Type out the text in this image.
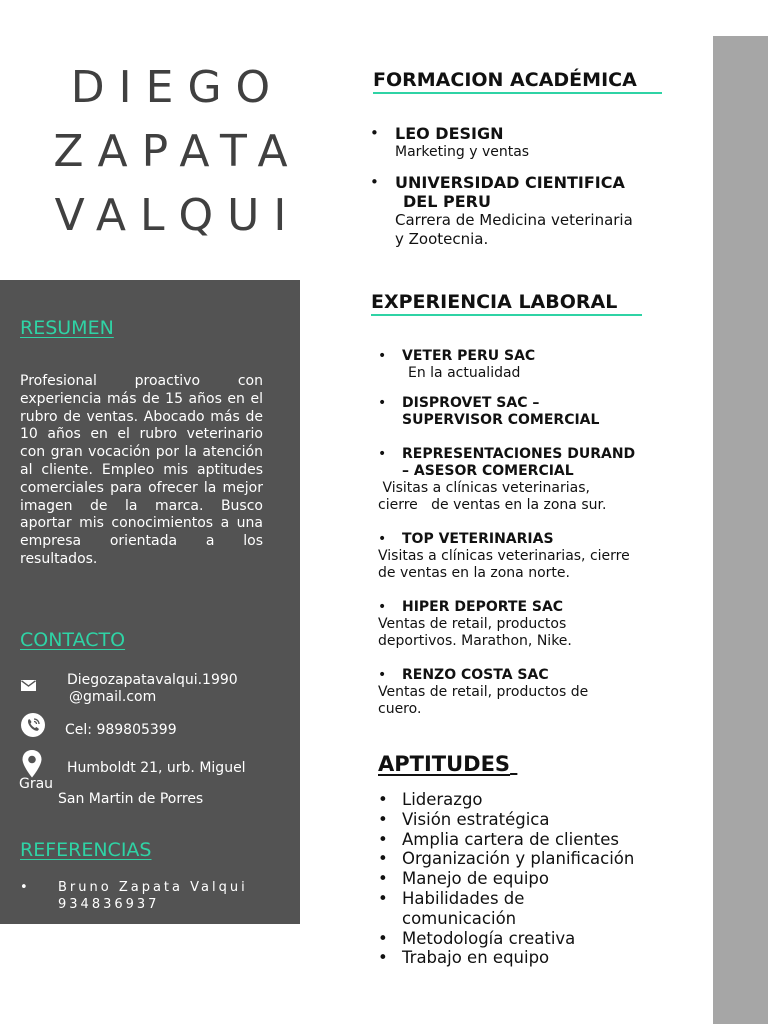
DIEGO
ZAPATA
VALQUI
RESUMEN
Profesional proactivo con experiencia más de 15 años en el rubro de ventas. Abocado más de 10 años en el rubro veterinario con gran vocación por la atención al cliente. Empleo mis aptitudes comerciales para ofrecer la mejor imagen de la marca. Busco aportar mis conocimientos a una empresa orientada a los resultados.
CONTACTO
Diegozapatavalqui.1990
@gmail.com
Cel: 989805399
Humboldt 21, urb. Miguel
Grau
San Martin de Porres
REFERENCIAS
• Bruno Zapata Valqui
934836937
FORMACION ACADÉMICA
• LEO DESIGN
Marketing y ventas
• UNIVERSIDAD CIENTIFICA
DEL PERU
Carrera de Medicina veterinaria
y Zootecnia.
EXPERIENCIA LABORAL
• VETER PERU SAC
En la actualidad
• DISPROVET SAC –
SUPERVISOR COMERCIAL
• REPRESENTACIONES DURAND
– ASESOR COMERCIAL
Visitas a clínicas veterinarias,
cierre   de ventas en la zona sur.
• TOP VETERINARIAS
Visitas a clínicas veterinarias, cierre
de ventas en la zona norte.
• HIPER DEPORTE SAC
Ventas de retail, productos
deportivos. Marathon, Nike.
• RENZO COSTA SAC
Ventas de retail, productos de
cuero.
APTITUDES
• Liderazgo
• Visión estratégica
• Amplia cartera de clientes
• Organización y planificación
• Manejo de equipo
• Habilidades de
comunicación
• Metodología creativa
• Trabajo en equipo
